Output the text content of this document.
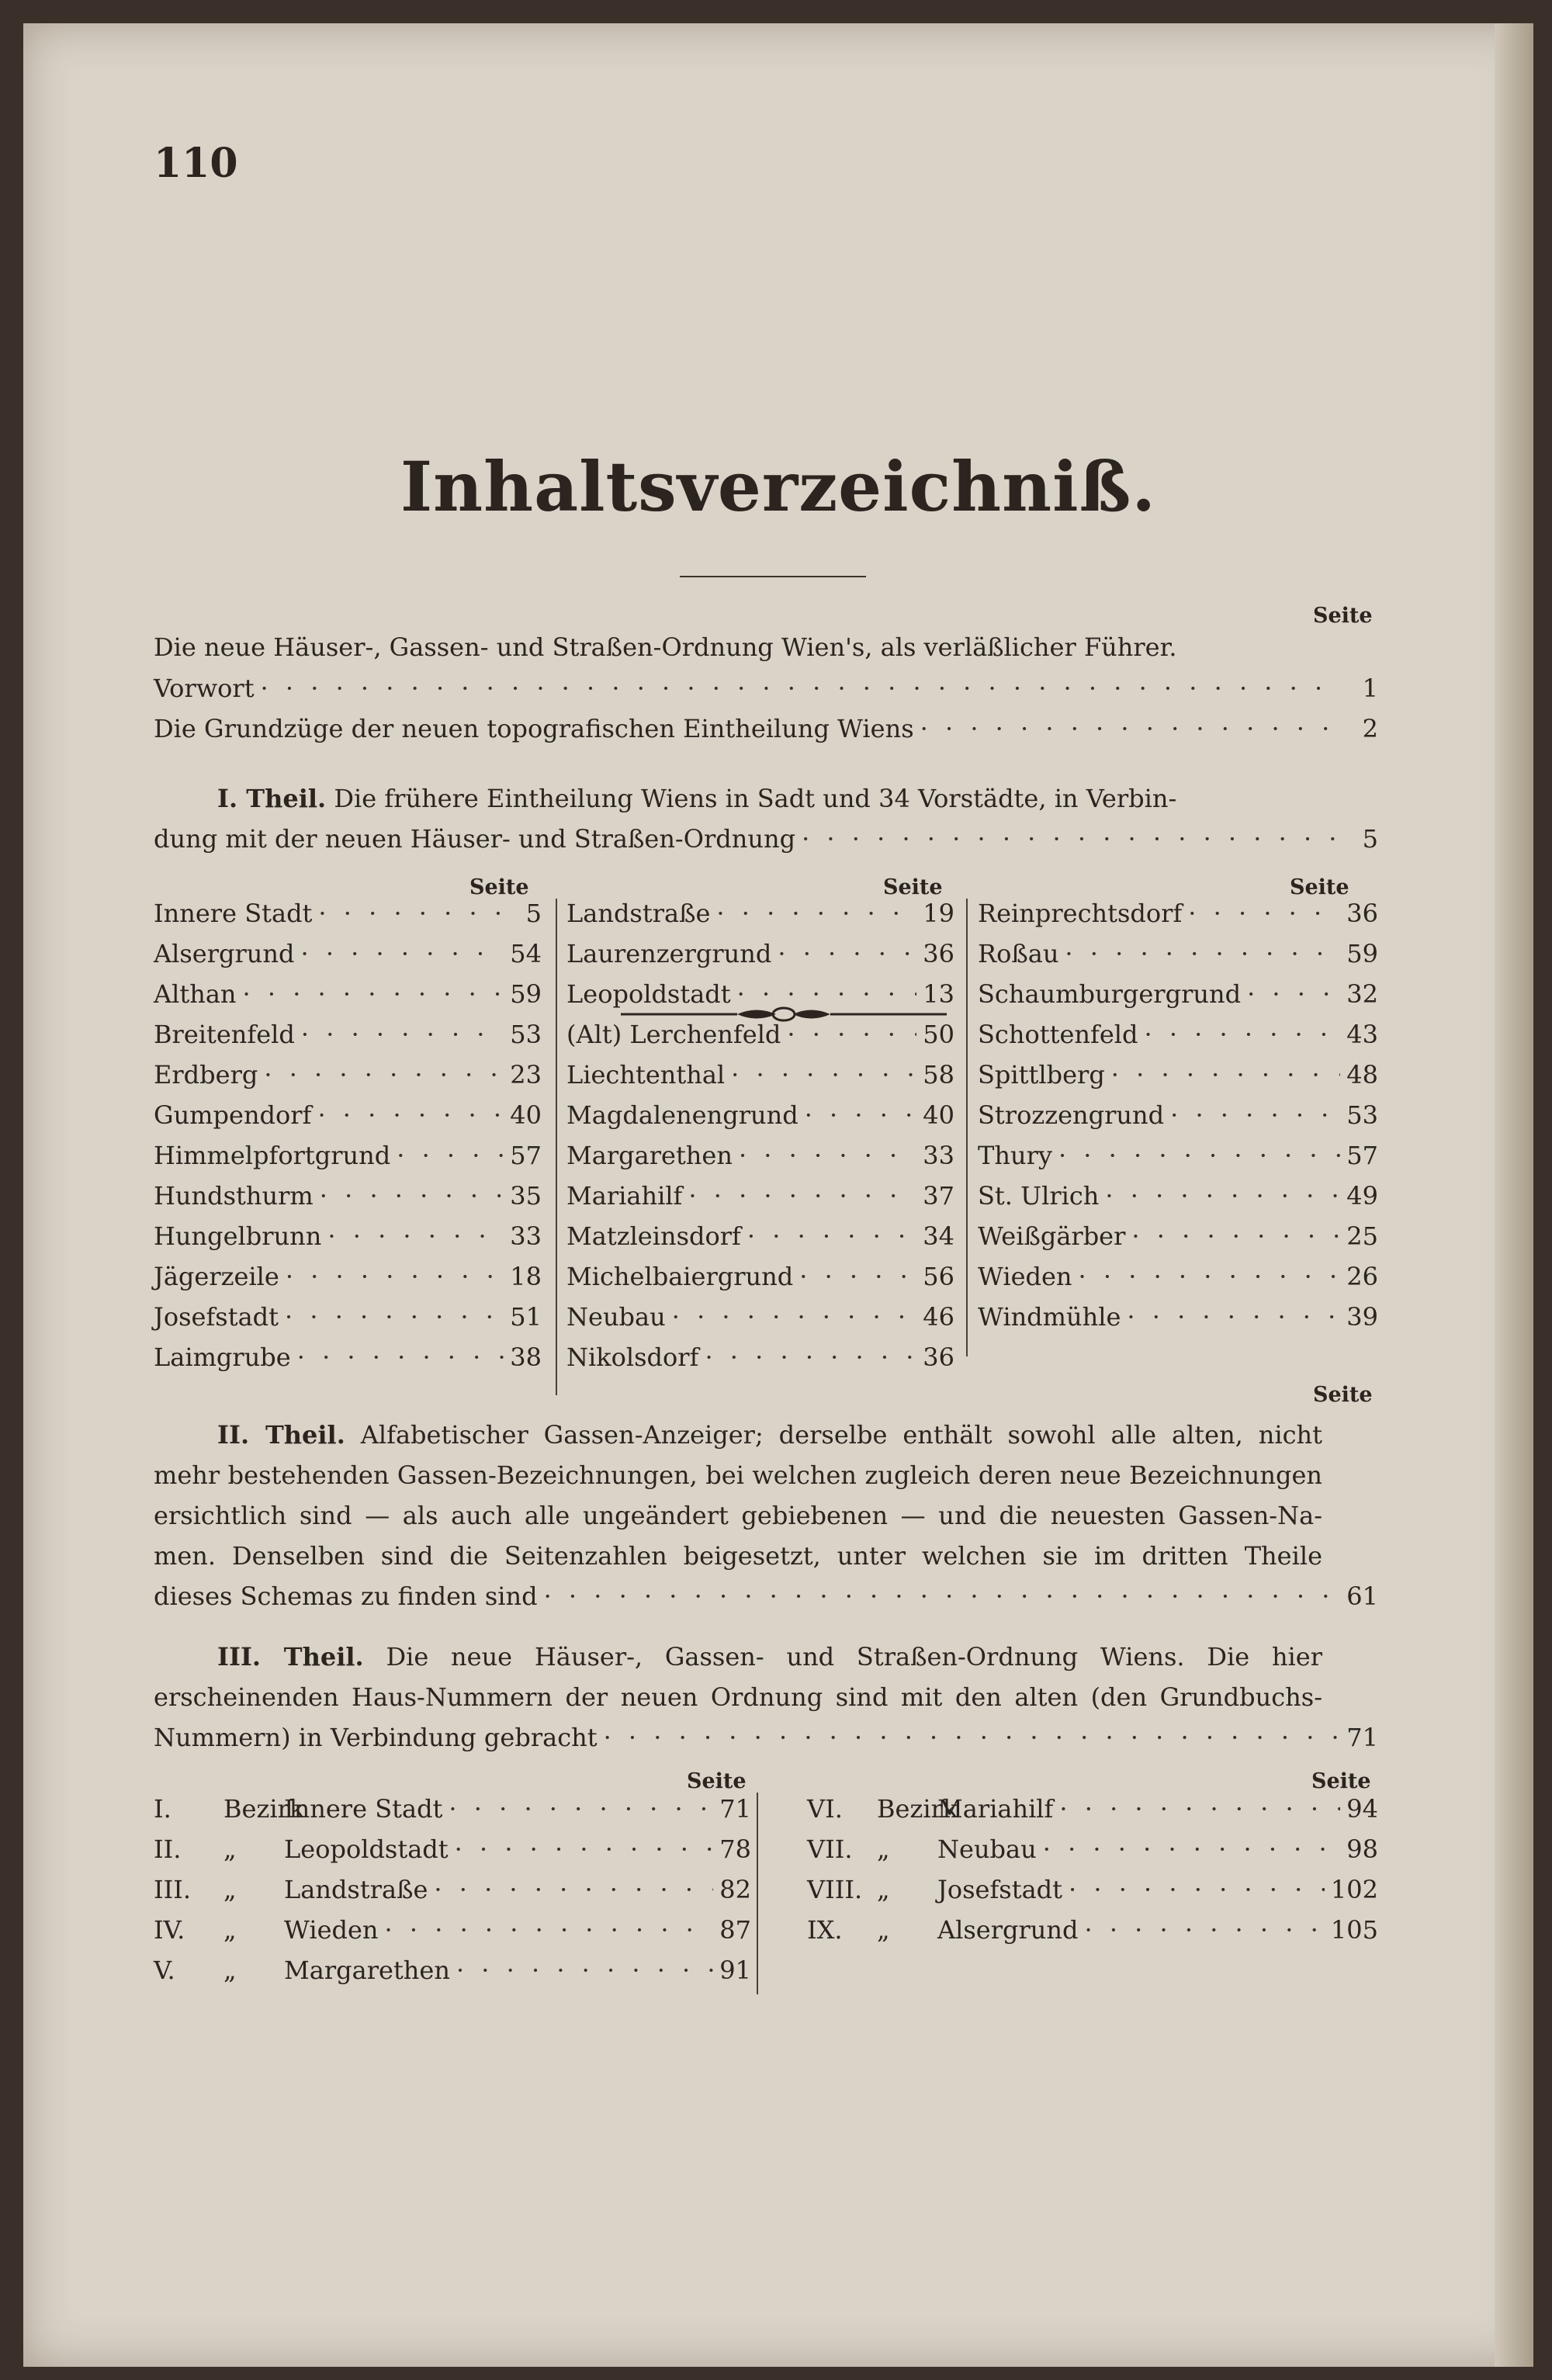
110
Inhaltsverzeichniß.
Seite
Die neue Häuser-, Gassen- und Straßen-Ordnung Wien's, als verläßlicher Führer.
Vorwort · · ·	1
Die Grundzüge der neuen topografischen Eintheilung Wiens · · ·	2
I. Theil. Die frühere Eintheilung Wiens in Sadt und 34 Vorstädte, in Verbin-
dung mit der neuen Häuser- und Straßen-Ordnung · · ·	5
Seite	Seite	Seite
Innere Stadt · · ·	5
Alsergrund · · ·	54
Althan · · ·	59
Breitenfeld · · ·	53
Erdberg · · ·	23
Gumpendorf · · ·	40
Himmelpfortgrund · · ·	57
Hundsthurm · · ·	35
Hungelbrunn · · ·	33
Jägerzeile · · ·	18
Josefstadt · · ·	51
Laimgrube · · ·	38
Landstraße · · ·	19
Laurenzergrund · · ·	36
Leopoldstadt · · ·	13
(Alt) Lerchenfeld · · ·	50
Liechtenthal · · ·	58
Magdalenengrund · · ·	40
Margarethen · · ·	33
Mariahilf · · ·	37
Matzleinsdorf · · ·	34
Michelbaiergrund · · ·	56
Neubau · · ·	46
Nikolsdorf · · ·	36
Reinprechtsdorf · · ·	36
Roßau · · ·	59
Schaumburgergrund · · ·	32
Schottenfeld · · ·	43
Spittlberg · · ·	48
Strozzengrund · · ·	53
Thury · · ·	57
St. Ulrich · · ·	49
Weißgärber · · ·	25
Wieden · · ·	26
Windmühle · · ·	39
Seite
II. Theil. Alfabetischer Gassen-Anzeiger; derselbe enthält sowohl alle alten, nicht
mehr bestehenden Gassen-Bezeichnungen, bei welchen zugleich deren neue Bezeichnungen
ersichtlich sind — als auch alle ungeändert gebiebenen — und die neuesten Gassen-Na-
men. Denselben sind die Seitenzahlen beigesetzt, unter welchen sie im dritten Theile
dieses Schemas zu finden sind · · ·	61
III. Theil. Die neue Häuser-, Gassen- und Straßen-Ordnung Wiens. Die hier
erscheinenden Haus-Nummern der neuen Ordnung sind mit den alten (den Grundbuchs-
Nummern) in Verbindung gebracht · · ·	71
Seite	Seite
I. BezirkInnere Stadt · · ·	71
II. „ Leopoldstadt · · ·	78
III. „ Landstraße · · ·	82
IV. „ Wieden · · ·	87
V. „ Margarethen · · ·	91
VI. BezirkMariahilf · · ·	94
VII. „ Neubau · · ·	98
VIII. „ Josefstadt · · ·	102
IX. „ Alsergrund · · ·	105
